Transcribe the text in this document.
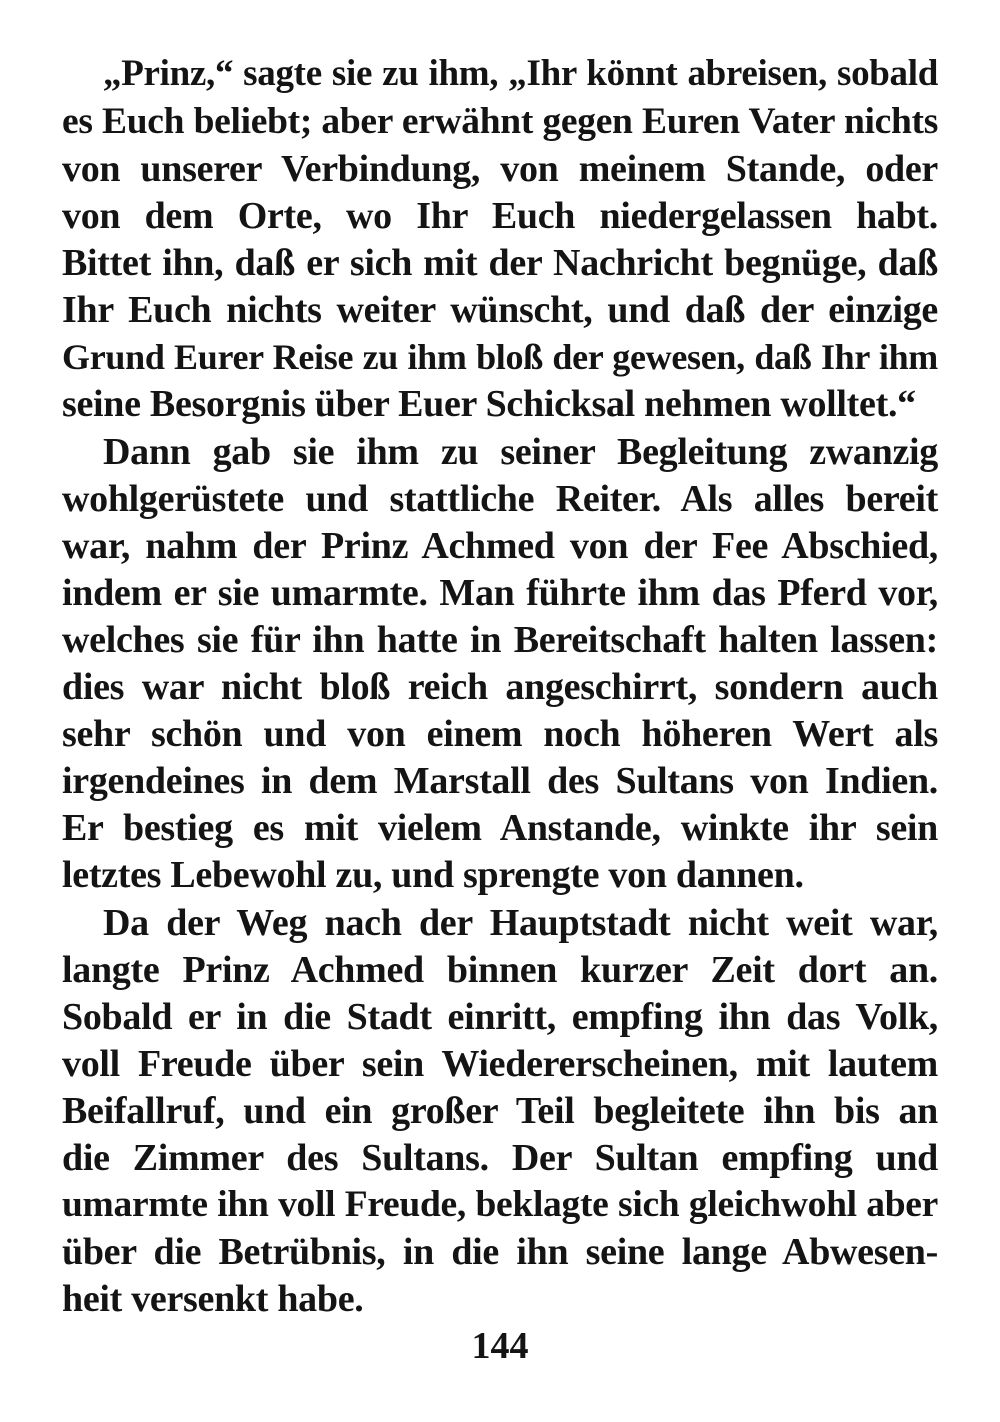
„Prinz,“ sagte sie zu ihm, „Ihr könnt abreisen, sobald
es Euch beliebt; aber erwähnt gegen Euren Vater nichts
von unserer Verbindung, von meinem Stande, oder
von dem Orte, wo Ihr Euch niedergelassen habt.
Bittet ihn, daß er sich mit der Nachricht begnüge, daß
Ihr Euch nichts weiter wünscht, und daß der einzige
Grund Eurer Reise zu ihm bloß der gewesen, daß Ihr ihm
seine Besorgnis über Euer Schicksal nehmen wolltet.“
Dann gab sie ihm zu seiner Begleitung zwanzig
wohlgerüstete und stattliche Reiter. Als alles bereit
war, nahm der Prinz Achmed von der Fee Abschied,
indem er sie umarmte. Man führte ihm das Pferd vor,
welches sie für ihn hatte in Bereitschaft halten lassen:
dies war nicht bloß reich angeschirrt, sondern auch
sehr schön und von einem noch höheren Wert als
irgendeines in dem Marstall des Sultans von Indien.
Er bestieg es mit vielem Anstande, winkte ihr sein
letztes Lebewohl zu, und sprengte von dannen.
Da der Weg nach der Hauptstadt nicht weit war,
langte Prinz Achmed binnen kurzer Zeit dort an.
Sobald er in die Stadt einritt, empfing ihn das Volk,
voll Freude über sein Wiedererscheinen, mit lautem
Beifallruf, und ein großer Teil begleitete ihn bis an
die Zimmer des Sultans. Der Sultan empfing und
umarmte ihn voll Freude, beklagte sich gleichwohl aber
über die Betrübnis, in die ihn seine lange Abwesen-
heit versenkt habe.
144
